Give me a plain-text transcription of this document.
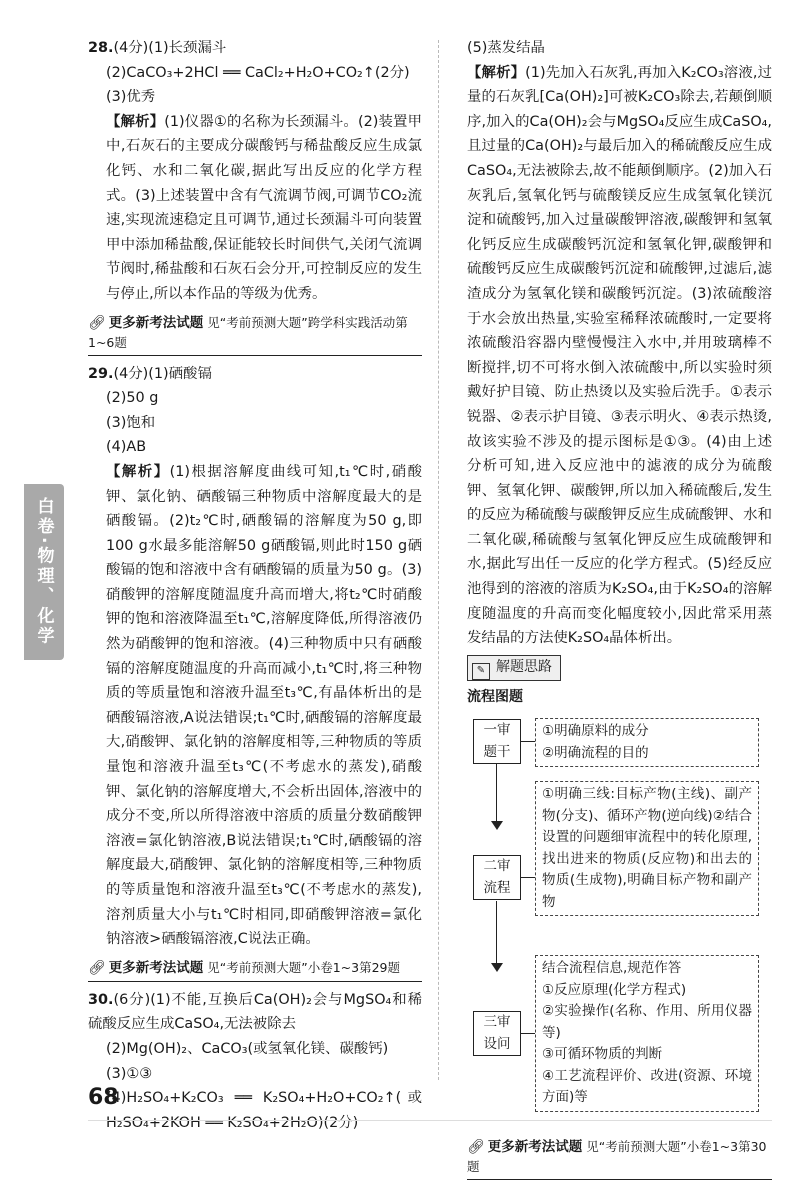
白卷·物理、化学

28.(4分)(1)长颈漏斗

(2)CaCO₃+2HCl ══ CaCl₂+H₂O+CO₂↑(2分)

(3)优秀

【解析】(1)仪器①的名称为长颈漏斗。(2)装置甲中,石灰石的主要成分碳酸钙与稀盐酸反应生成氯化钙、水和二氧化碳,据此写出反应的化学方程式。(3)上述装置中含有气流调节阀,可调节CO₂流速,实现流速稳定且可调节,通过长颈漏斗可向装置甲中添加稀盐酸,保证能较长时间供气,关闭气流调节阀时,稀盐酸和石灰石会分开,可控制反应的发生与停止,所以本作品的等级为优秀。

🔗︎ 更多新考法试题 见“考前预测大题”跨学科实践活动第1~6题

29.(4分)(1)硒酸镉

(2)50 g

(3)饱和

(4)AB

【解析】(1)根据溶解度曲线可知,t₁℃时,硝酸钾、氯化钠、硒酸镉三种物质中溶解度最大的是硒酸镉。(2)t₂℃时,硒酸镉的溶解度为50 g,即100 g水最多能溶解50 g硒酸镉,则此时150 g硒酸镉的饱和溶液中含有硒酸镉的质量为50 g。(3)硝酸钾的溶解度随温度升高而增大,将t₂℃时硝酸钾的饱和溶液降温至t₁℃,溶解度降低,所得溶液仍然为硝酸钾的饱和溶液。(4)三种物质中只有硒酸镉的溶解度随温度的升高而减小,t₁℃时,将三种物质的等质量饱和溶液升温至t₃℃,有晶体析出的是硒酸镉溶液,A说法错误;t₁℃时,硒酸镉的溶解度最大,硝酸钾、氯化钠的溶解度相等,三种物质的等质量饱和溶液升温至t₃℃(不考虑水的蒸发),硝酸钾、氯化钠的溶解度增大,不会析出固体,溶液中的成分不变,所以所得溶液中溶质的质量分数硝酸钾溶液=氯化钠溶液,B说法错误;t₁℃时,硒酸镉的溶解度最大,硝酸钾、氯化钠的溶解度相等,三种物质的等质量饱和溶液升温至t₃℃(不考虑水的蒸发),溶剂质量大小与t₁℃时相同,即硝酸钾溶液=氯化钠溶液>硒酸镉溶液,C说法正确。

🔗︎ 更多新考法试题 见“考前预测大题”小卷1~3第29题

30.(6分)(1)不能,互换后Ca(OH)₂会与MgSO₄和稀硫酸反应生成CaSO₄,无法被除去

(2)Mg(OH)₂、CaCO₃(或氢氧化镁、碳酸钙)

(3)①③

(4)H₂SO₄+K₂CO₃ ══ K₂SO₄+H₂O+CO₂↑(或H₂SO₄+2KOH ══ K₂SO₄+2H₂O)(2分)

(5)蒸发结晶

【解析】(1)先加入石灰乳,再加入K₂CO₃溶液,过量的石灰乳[Ca(OH)₂]可被K₂CO₃除去,若颠倒顺序,加入的Ca(OH)₂会与MgSO₄反应生成CaSO₄,且过量的Ca(OH)₂与最后加入的稀硫酸反应生成CaSO₄,无法被除去,故不能颠倒顺序。(2)加入石灰乳后,氢氧化钙与硫酸镁反应生成氢氧化镁沉淀和硫酸钙,加入过量碳酸钾溶液,碳酸钾和氢氧化钙反应生成碳酸钙沉淀和氢氧化钾,碳酸钾和硫酸钙反应生成碳酸钙沉淀和硫酸钾,过滤后,滤渣成分为氢氧化镁和碳酸钙沉淀。(3)浓硫酸溶于水会放出热量,实验室稀释浓硫酸时,一定要将浓硫酸沿容器内壁慢慢注入水中,并用玻璃棒不断搅拌,切不可将水倒入浓硫酸中,所以实验时须戴好护目镜、防止热烫以及实验后洗手。①表示锐器、②表示护目镜、③表示明火、④表示热烫,故该实验不涉及的提示图标是①③。(4)由上述分析可知,进入反应池中的滤液的成分为硫酸钾、氢氧化钾、碳酸钾,所以加入稀硫酸后,发生的反应为稀硫酸与碳酸钾反应生成硫酸钾、水和二氧化碳,稀硫酸与氢氧化钾反应生成硫酸钾和水,据此写出任一反应的化学方程式。(5)经反应池得到的溶液的溶质为K₂SO₄,由于K₂SO₄的溶解度随温度的升高而变化幅度较小,因此常采用蒸发结晶的方法使K₂SO₄晶体析出。

✎ 解题思路
流程图题
一审
题干
①明确原料的成分
②明确流程的目的
二审
流程
①明确三线:目标产物(主线)、副产物(分支)、循环产物(逆向线)②结合设置的问题细审流程中的转化原理,找出进来的物质(反应物)和出去的物质(生成物),明确目标产物和副产物
三审
设问
结合流程信息,规范作答
①反应原理(化学方程式)
②实验操作(名称、作用、所用仪器等)
③可循环物质的判断
④工艺流程评价、改进(资源、环境方面)等
🔗︎ 更多新考法试题 见“考前预测大题”小卷1~3第30题
68
